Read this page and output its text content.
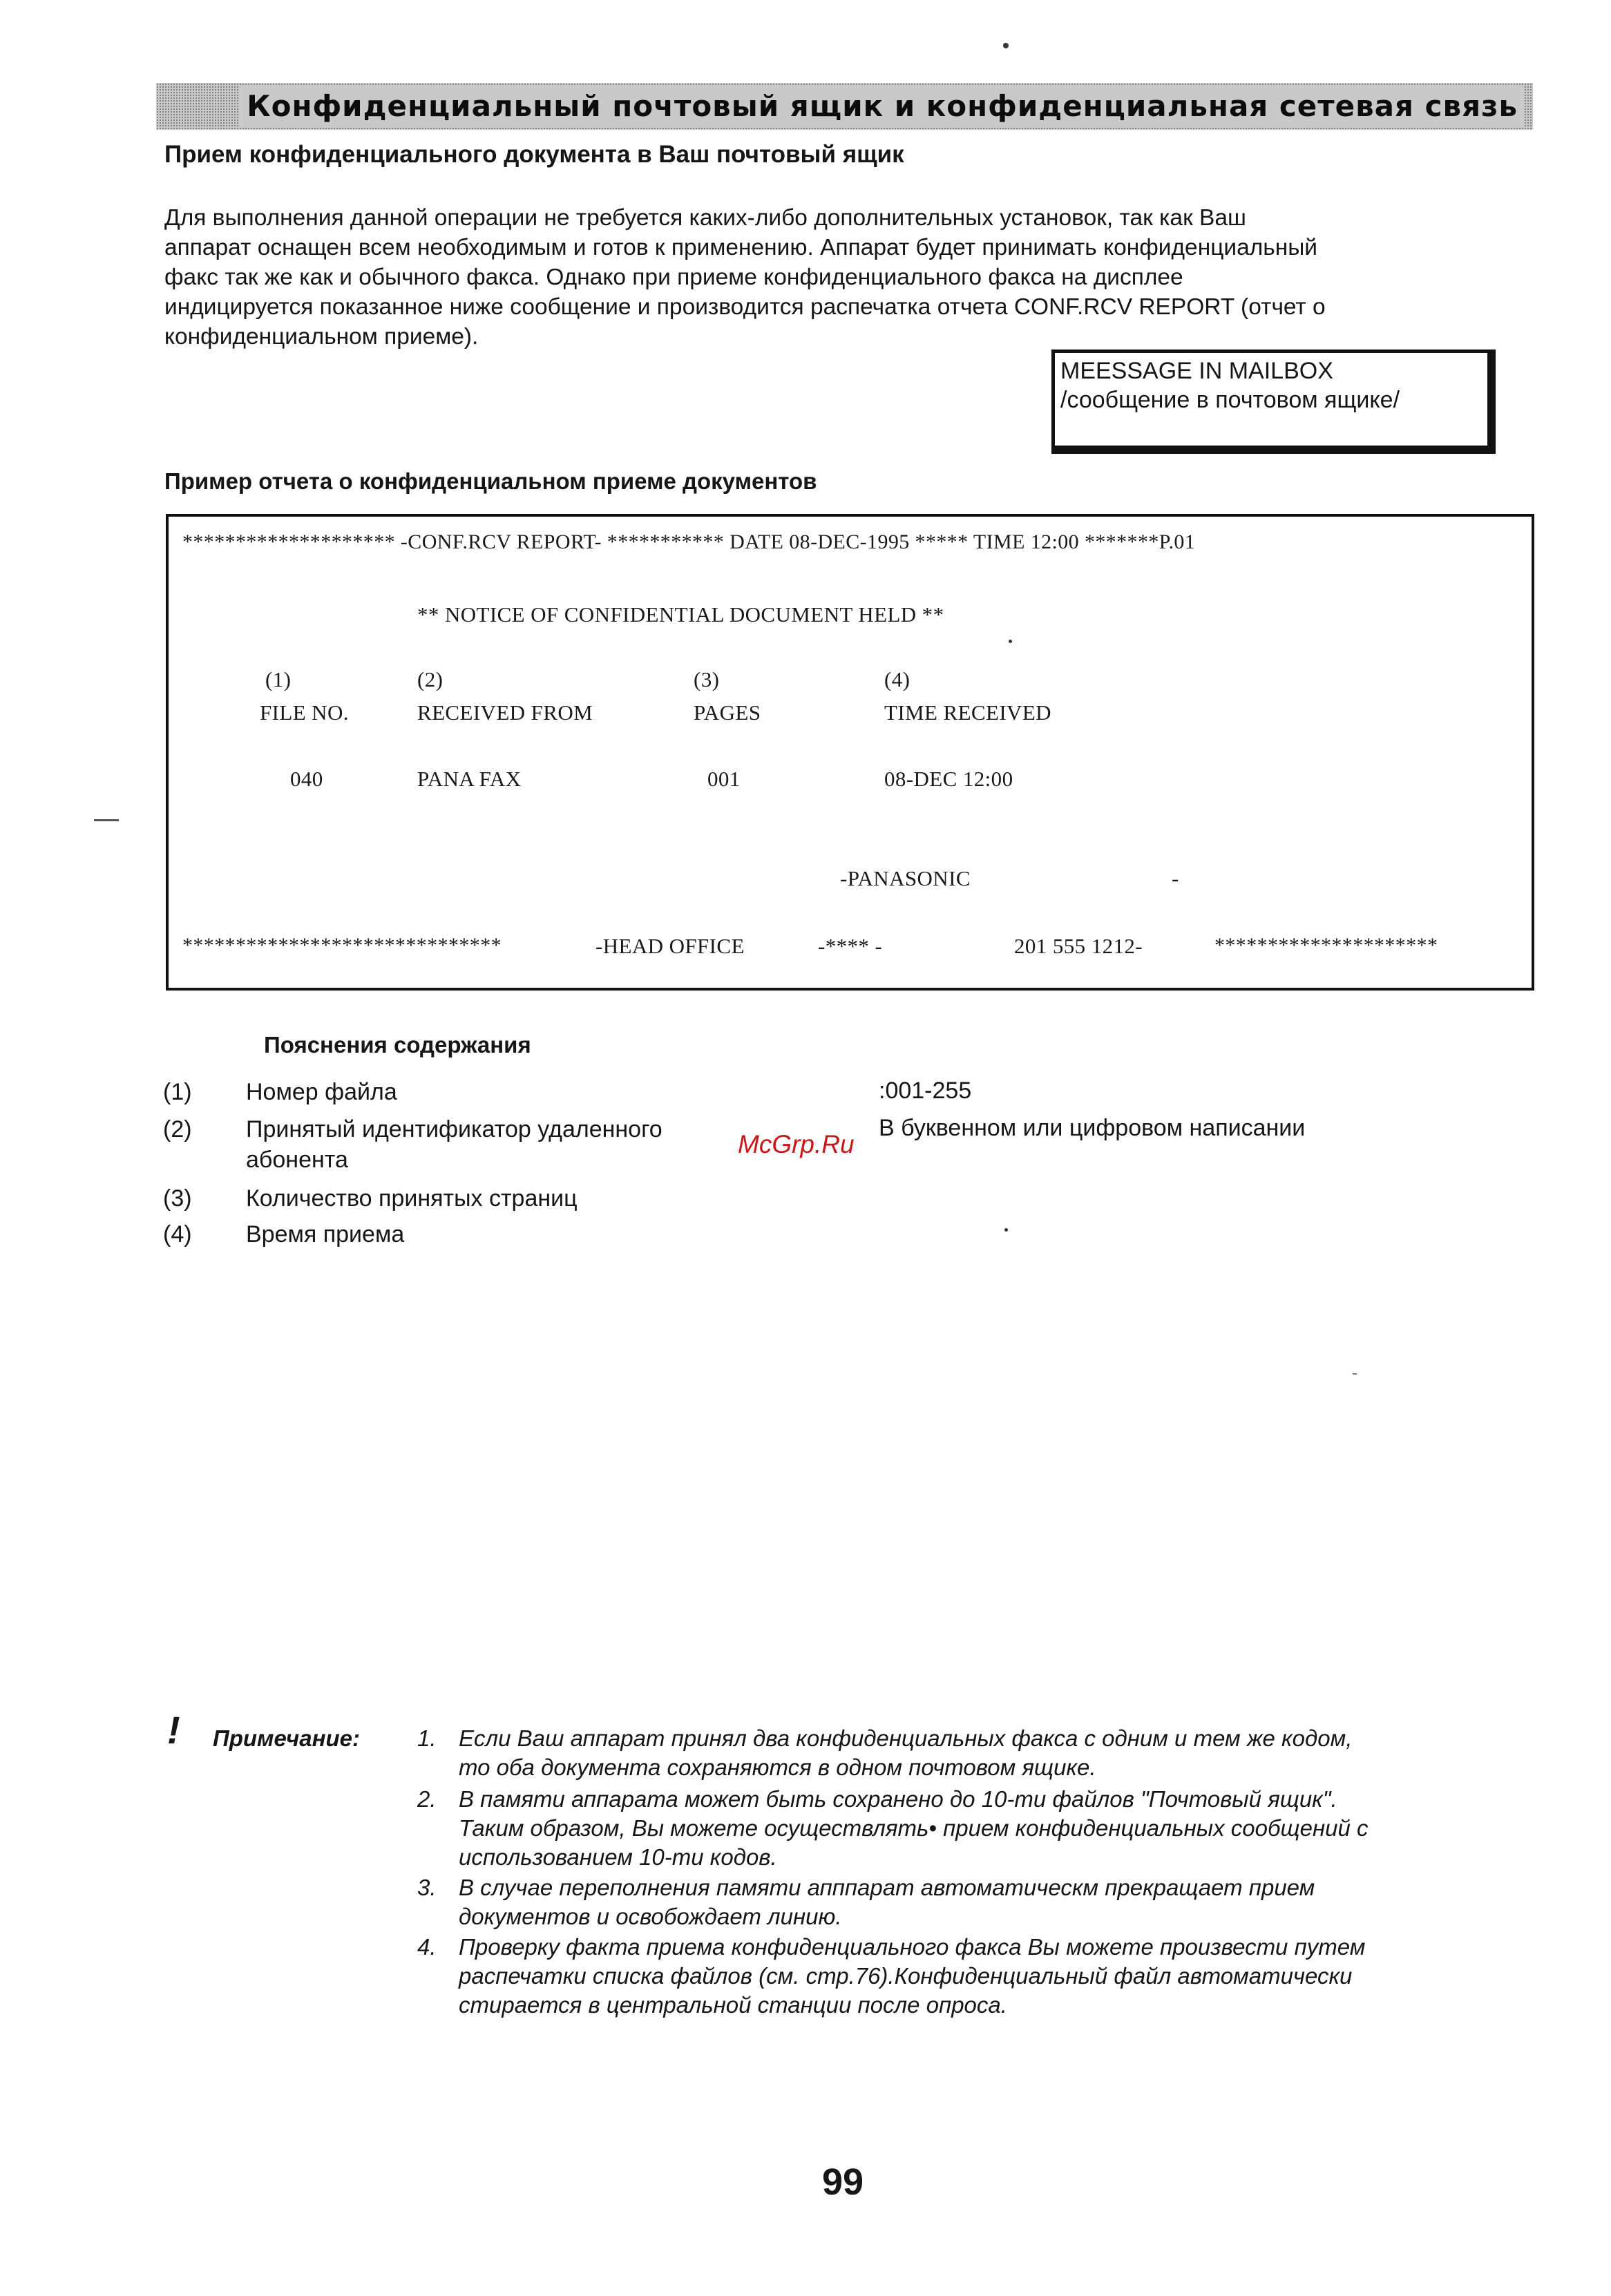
Конфиденциальный почтовый ящик и конфиденциальная сетевая связь
Прием конфиденциального документа в Ваш почтовый ящик
Для выполнения данной операции не требуется каких-либо дополнительных установок, так как Ваш
аппарат оснащен всем необходимым и готов к применению. Аппарат будет принимать конфиденциальный
факс так же как и обычного факса. Однако при приеме конфиденциального факса на дисплее
индицируется показанное ниже сообщение и производится распечатка отчета CONF.RCV REPORT (отчет о
конфиденциальном приеме).
MEESSAGE IN MAILBOX
/сообщение в почтовом ящике/
Пример отчета о конфиденциальном приеме документов
******************** -CONF.RCV REPORT- *********** DATE 08-DEC-1995 ***** TIME 12:00 *******P.01
** NOTICE OF CONFIDENTIAL DOCUMENT HELD **
(1)	(2)	(3)	(4)
FILE NO.	RECEIVED FROM	PAGES	TIME RECEIVED
040	PANA FAX	001	08-DEC 12:00
-PANASONIC	-
******************************	-HEAD OFFICE	-**** -	201 555 1212-	*********************
Пояснения содержания
(1) Номер файла	:001-255
(2) Принятый идентификатор удаленного
абонента
В буквенном или цифровом написании
McGrp.Ru
(3) Количество принятых страниц
(4) Время приема
! Примечание:	1. Если Ваш аппарат принял два конфиденциальных факса с одним и тем же кодом,
то оба документа сохраняются в одном почтовом ящике.
2. В памяти аппарата может быть сохранено до 10-ти файлов "Почтовый ящик".
Таким образом, Вы можете осуществлять• прием конфиденциальных сообщений с
использованием 10-ти кодов.
3. В случае переполнения памяти апппарат автоматическм прекращает прием
документов и освобождает линию.
4. Проверку факта приема конфиденциального факса Вы можете произвести путем
распечатки списка файлов (см. стр.76).Конфиденциальный файл автоматически
стирается в центральной станции после опроса.
99
